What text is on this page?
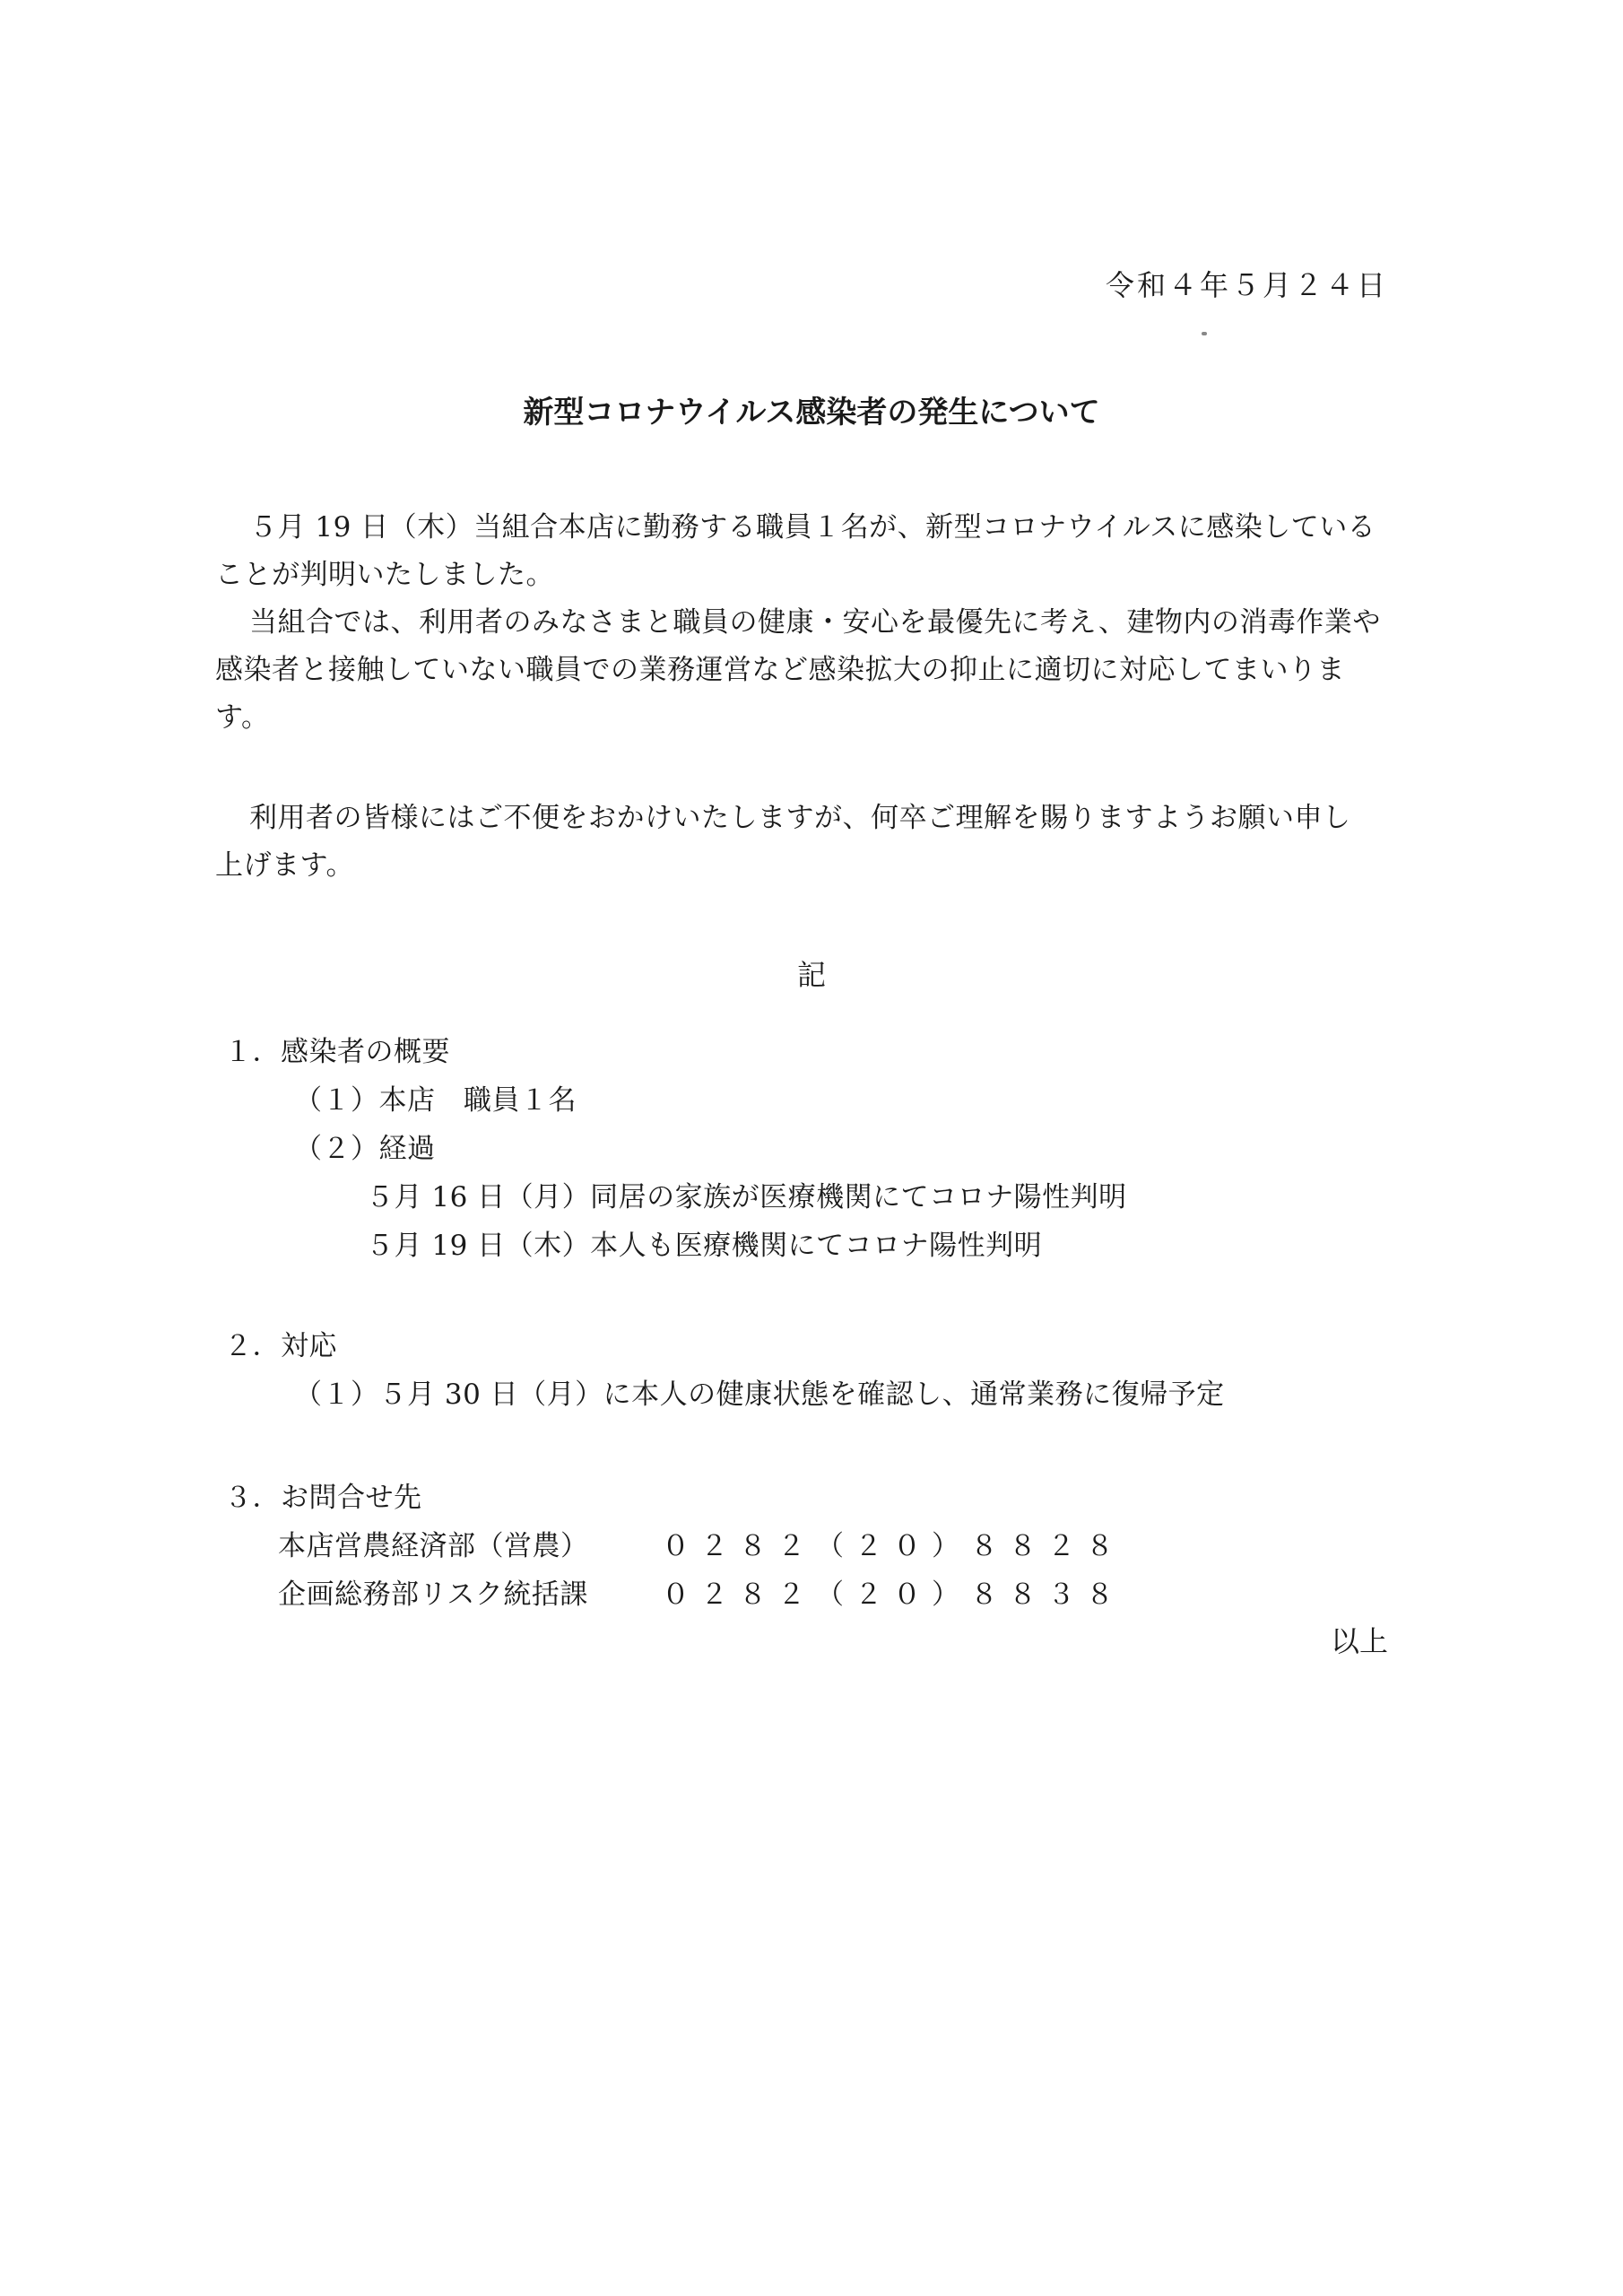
令和４年５月２４日
新型コロナウイルス感染者の発生について
５月 19 日（木）当組合本店に勤務する職員１名が、新型コロナウイルスに感染している
ことが判明いたしました。
当組合では、利用者のみなさまと職員の健康・安心を最優先に考え、建物内の消毒作業や
感染者と接触していない職員での業務運営など感染拡大の抑止に適切に対応してまいりま
す。
利用者の皆様にはご不便をおかけいたしますが、何卒ご理解を賜りますようお願い申し
上げます。
記
１．感染者の概要
（１）本店　職員１名
（２）経過
５月 16 日（月）同居の家族が医療機関にてコロナ陽性判明
５月 19 日（木）本人も医療機関にてコロナ陽性判明
２．対応
（１）５月 30 日（月）に本人の健康状態を確認し、通常業務に復帰予定
３．お問合せ先
本店営農経済部（営農）	０２８２（２０）８８２８
企画総務部リスク統括課	０２８２（２０）８８３８
以上
